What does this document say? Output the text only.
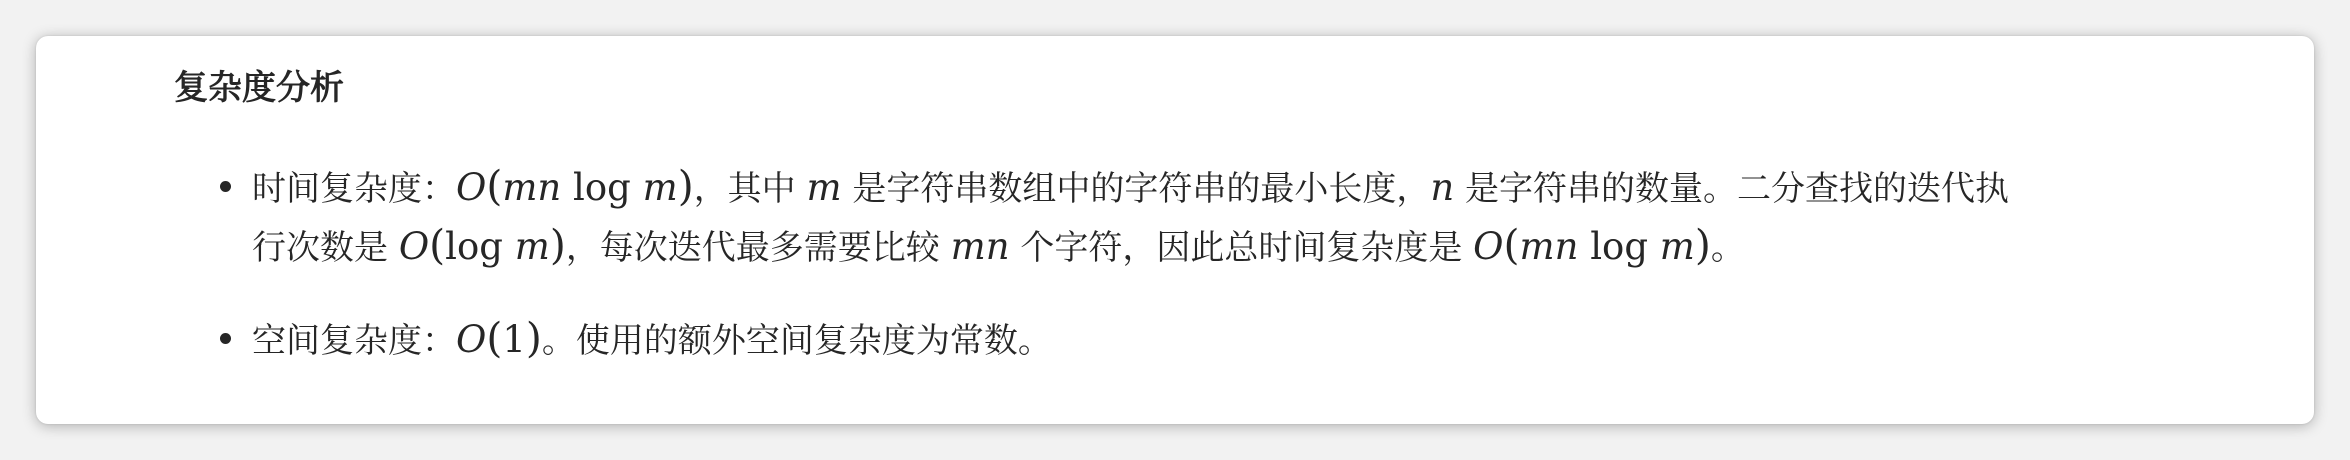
复杂度分析
时间复杂度：O(mn log m)，其中 m 是字符串数组中的字符串的最小长度，n 是字符串的数量。二分查找的迭代执
行次数是 O(log m)，每次迭代最多需要比较 mn 个字符，因此总时间复杂度是 O(mn log m)。
空间复杂度：O(1)。使用的额外空间复杂度为常数。
